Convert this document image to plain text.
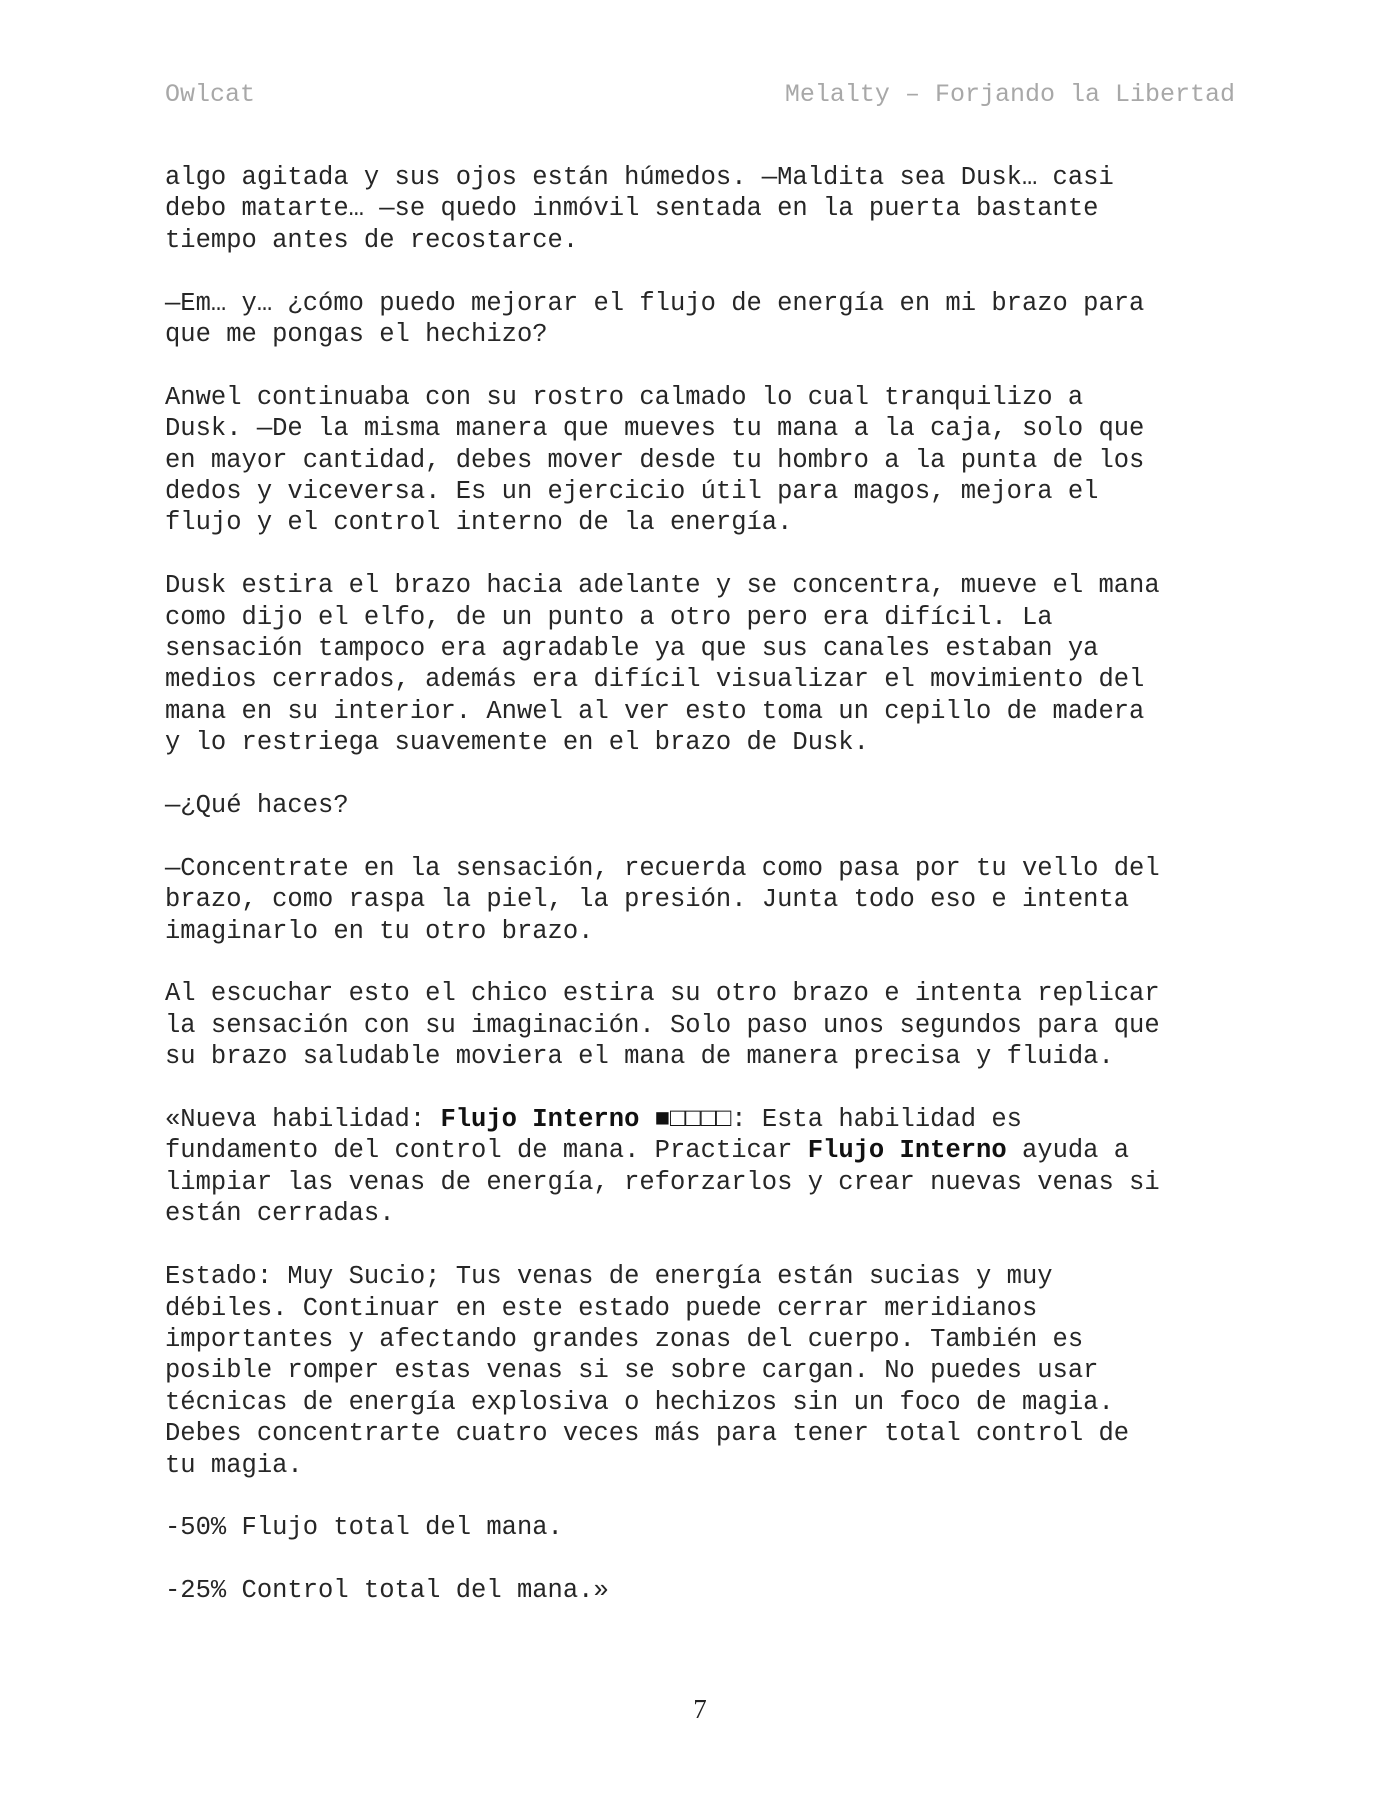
Owlcat	Melalty – Forjando la Libertad

algo agitada y sus ojos están húmedos. —Maldita sea Dusk… casi
debo matarte… —se quedo inmóvil sentada en la puerta bastante
tiempo antes de recostarce.

—Em… y… ¿cómo puedo mejorar el flujo de energía en mi brazo para
que me pongas el hechizo?

Anwel continuaba con su rostro calmado lo cual tranquilizo a
Dusk. —De la misma manera que mueves tu mana a la caja, solo que
en mayor cantidad, debes mover desde tu hombro a la punta de los
dedos y viceversa. Es un ejercicio útil para magos, mejora el
flujo y el control interno de la energía.

Dusk estira el brazo hacia adelante y se concentra, mueve el mana
como dijo el elfo, de un punto a otro pero era difícil. La
sensación tampoco era agradable ya que sus canales estaban ya
medios cerrados, además era difícil visualizar el movimiento del
mana en su interior. Anwel al ver esto toma un cepillo de madera
y lo restriega suavemente en el brazo de Dusk.

—¿Qué haces?

—Concentrate en la sensación, recuerda como pasa por tu vello del
brazo, como raspa la piel, la presión. Junta todo eso e intenta
imaginarlo en tu otro brazo.

Al escuchar esto el chico estira su otro brazo e intenta replicar
la sensación con su imaginación. Solo paso unos segundos para que
su brazo saludable moviera el mana de manera precisa y fluida.

«Nueva habilidad: Flujo Interno ■□□□□: Esta habilidad es
fundamento del control de mana. Practicar Flujo Interno ayuda a
limpiar las venas de energía, reforzarlos y crear nuevas venas si
están cerradas.

Estado: Muy Sucio; Tus venas de energía están sucias y muy
débiles. Continuar en este estado puede cerrar meridianos
importantes y afectando grandes zonas del cuerpo. También es
posible romper estas venas si se sobre cargan. No puedes usar
técnicas de energía explosiva o hechizos sin un foco de magia.
Debes concentrarte cuatro veces más para tener total control de
tu magia.

-50% Flujo total del mana.

-25% Control total del mana.»

7
